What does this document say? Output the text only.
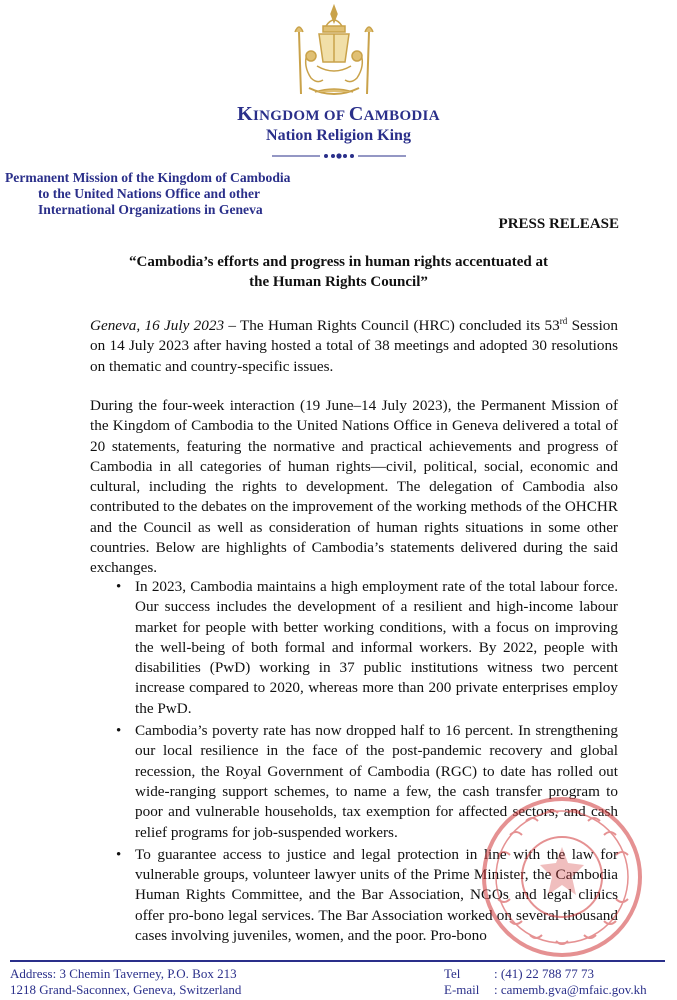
KINGDOM OF CAMBODIA
Nation Religion King
Permanent Mission of the Kingdom of Cambodia
to the United Nations Office and other
International Organizations in Geneva
PRESS RELEASE
“Cambodia’s efforts and progress in human rights accentuated at
the Human Rights Council”
Geneva, 16 July 2023 – The Human Rights Council (HRC) concluded its 53rd Session on 14 July 2023 after having hosted a total of 38 meetings and adopted 30 resolutions on thematic and country-specific issues.
During the four-week interaction (19 June–14 July 2023), the Permanent Mission of the Kingdom of Cambodia to the United Nations Office in Geneva delivered a total of 20 statements, featuring the normative and practical achievements and progress of Cambodia in all categories of human rights—civil, political, social, economic and cultural, including the rights to development. The delegation of Cambodia also contributed to the debates on the improvement of the working methods of the OHCHR and the Council as well as consideration of human rights situations in some other countries. Below are highlights of Cambodia’s statements delivered during the said exchanges.
• In 2023, Cambodia maintains a high employment rate of the total labour force. Our success includes the development of a resilient and high-income labour market for people with better working conditions, with a focus on improving the well-being of both formal and informal workers. By 2022, people with disabilities (PwD) working in 37 public institutions witness two percent increase compared to 2020, whereas more than 200 private enterprises employ the PwD.
• Cambodia’s poverty rate has now dropped half to 16 percent. In strengthening our local resilience in the face of the post-pandemic recovery and global recession, the Royal Government of Cambodia (RGC) to date has rolled out wide-ranging support schemes, to name a few, the cash transfer program to poor and vulnerable households, tax exemption for affected sectors, and cash relief programs for job-suspended workers.
• To guarantee access to justice and legal protection in line with the law for vulnerable groups, volunteer lawyer units of the Prime Minister, the Cambodia Human Rights Committee, and the Bar Association, NGOs and legal clinics offer pro-bono legal services. The Bar Association worked on several thousand cases involving juveniles, women, and the poor. Pro-bono
Address: 3 Chemin Taverney, P.O. Box 213
1218 Grand-Saconnex, Geneva, Switzerland
Tel
E-mail
: (41) 22 788 77 73
: camemb.gva@mfaic.gov.kh
